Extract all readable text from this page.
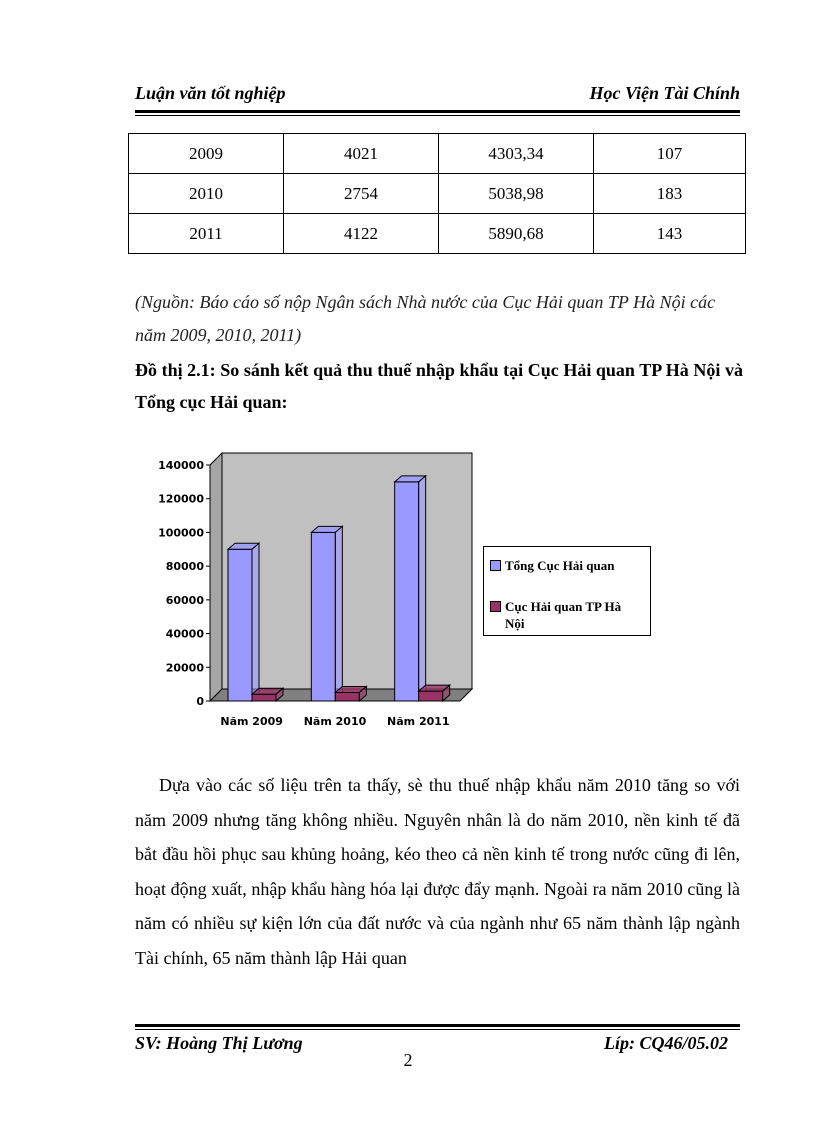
Luận văn tốt nghiệp	Học Viện Tài Chính
2009	4021	4303,34	107
2010	2754	5038,98	183
2011	4122	5890,68	143
(Nguồn: Báo cáo số nộp Ngân sách Nhà nước của Cục Hải quan TP Hà Nội các năm 2009, 2010, 2011)
Đồ thị 2.1: So sánh kết quả thu thuế nhập khẩu tại Cục Hải quan TP Hà Nội và Tổng cục Hải quan:
0
20000
40000
60000
80000
100000
120000
140000
Năm 2009 Năm 2010 Năm 2011
Tổng Cục Hải quan
Cục Hải quan TP Hà Nội

Dựa vào các số liệu trên ta thấy, sè thu thuế nhập khẩu năm 2010 tăng so với năm 2009 nhưng tăng không nhiều. Nguyên nhân là do năm 2010, nền kinh tế đã bắt đầu hồi phục sau khủng hoảng, kéo theo cả nền kinh tế trong nước cũng đi lên, hoạt động xuất, nhập khẩu hàng hóa lại được đẩy mạnh. Ngoài ra năm 2010 cũng là năm có nhiều sự kiện lớn của đất nước và của ngành như 65 năm thành lập ngành Tài chính, 65 năm thành lập Hải quan

SV: Hoàng Thị Lương	Líp: CQ46/05.02
2
